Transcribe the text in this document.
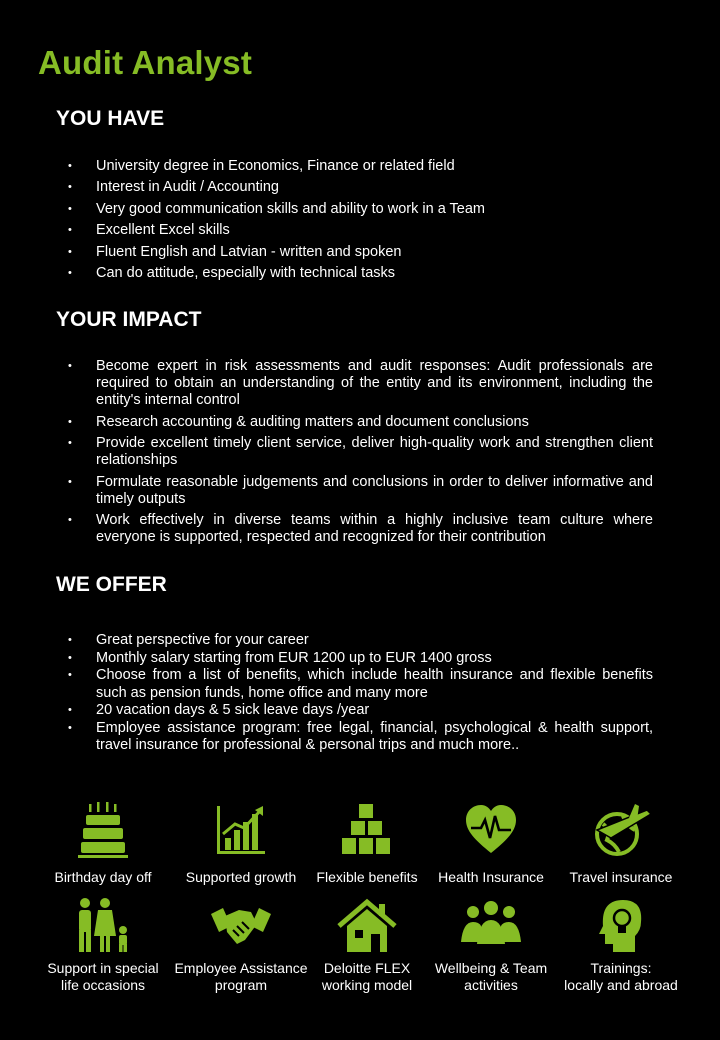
Audit Analyst
YOU HAVE
• University degree in Economics, Finance or related field
• Interest in Audit / Accounting
• Very good communication skills and ability to work in a Team
• Excellent Excel skills
• Fluent English and Latvian - written and spoken
• Can do attitude, especially with technical tasks
YOUR IMPACT
• Become expert in risk assessments and audit responses: Audit professionals are required to obtain an understanding of the entity and its environment, including the entity's internal control
• Research accounting & auditing matters and document conclusions
• Provide excellent timely client service, deliver high-quality work and strengthen client relationships
• Formulate reasonable judgements and conclusions in order to deliver informative and timely outputs
• Work effectively in diverse teams within a highly inclusive team culture where everyone is supported, respected and recognized for their contribution
WE OFFER
• Great perspective for your career
• Monthly salary starting from EUR 1200 up to EUR 1400 gross
• Choose from a list of benefits, which include health insurance and flexible benefits such as pension funds, home office and many more
• 20 vacation days & 5 sick leave days /year
• Employee assistance program: free legal, financial, psychological & health support, travel insurance for professional & personal trips and much more..
Birthday day off	Supported growth	Flexible benefits	Health Insurance	Travel insurance
Support in special
life occasions
Employee Assistance
program
Deloitte FLEX
working model
Wellbeing & Team
activities
Trainings:
locally and abroad
